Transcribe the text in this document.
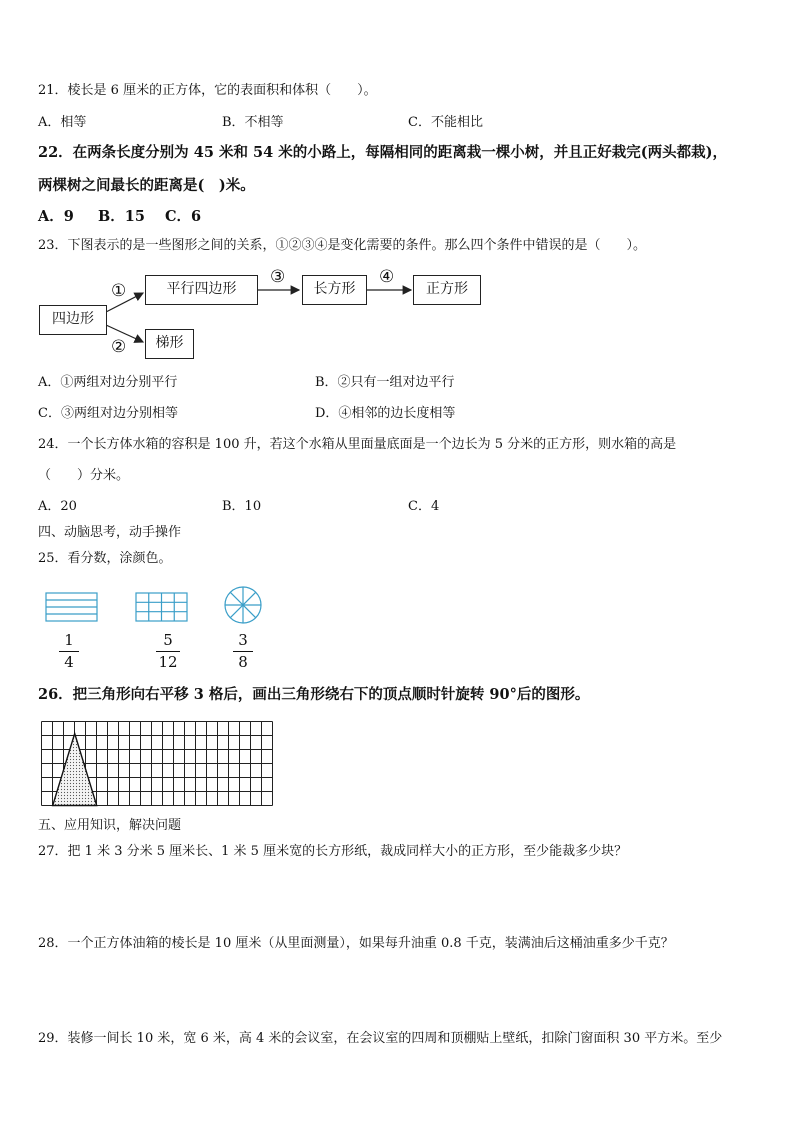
21．棱长是 6 厘米的正方体，它的表面积和体积（　　）。
A．相等	B．不相等	C．不能相比
22．在两条长度分别为 45 米和 54 米的小路上，每隔相同的距离栽一棵小树，并且正好栽完(两头都栽)，
两棵树之间最长的距离是(　)米。
A．9 B．15 C．6
23．下图表示的是一些图形之间的关系，①②③④是变化需要的条件。那么四个条件中错误的是（　　）。
四边形
平行四边形	长方形	正方形
梯形
①
②
③	④
A．①两组对边分别平行	B．②只有一组对边平行
C．③两组对边分别相等	D．④相邻的边长度相等
24．一个长方体水箱的容积是 100 升，若这个水箱从里面量底面是一个边长为 5 分米的正方形，则水箱的高是
（　　）分米。
A．20	B．10	C．4
四、动脑思考，动手操作
25．看分数，涂颜色。
1
4
5
12
3
8
26．把三角形向右平移 3 格后，画出三角形绕右下的顶点顺时针旋转 90°后的图形。
五、应用知识，解决问题
27．把 1 米 3 分米 5 厘米长、1 米 5 厘米宽的长方形纸，裁成同样大小的正方形，至少能裁多少块？
28．一个正方体油箱的棱长是 10 厘米（从里面测量），如果每升油重 0.8 千克，装满油后这桶油重多少千克？
29．装修一间长 10 米，宽 6 米，高 4 米的会议室，在会议室的四周和顶棚贴上壁纸，扣除门窗面积 30 平方米。至少
